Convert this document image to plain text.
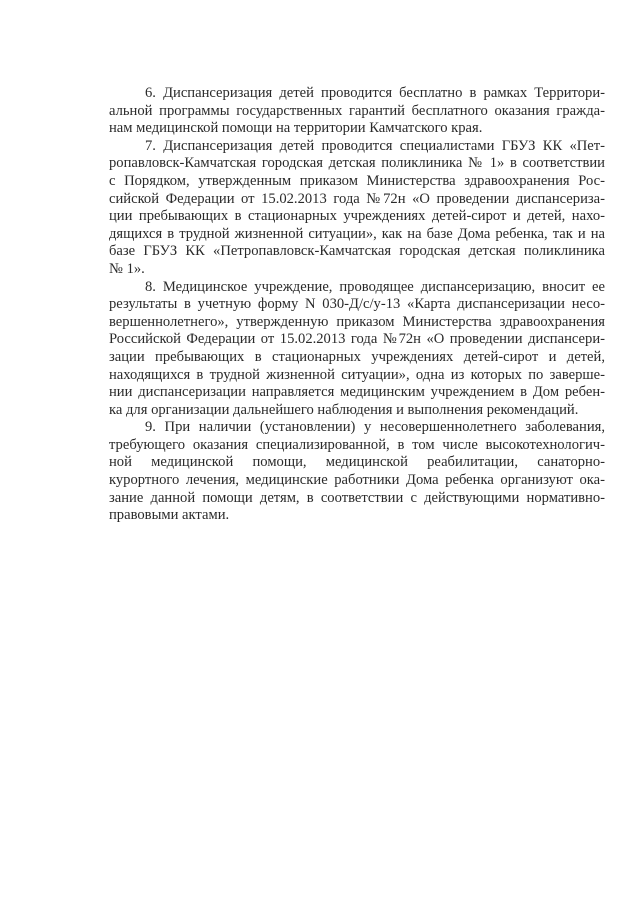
6. Диспансеризация детей проводится бесплатно в рамках Территори-
альной программы государственных гарантий бесплатного оказания гражда-
нам медицинской помощи на территории Камчатского края.
7. Диспансеризация детей проводится специалистами ГБУЗ КК «Пет-
ропавловск-Камчатская городская детская поликлиника № 1» в соответствии
с Порядком, утвержденным приказом Министерства здравоохранения Рос-
сийской Федерации от 15.02.2013 года №72н «О проведении диспансериза-
ции пребывающих в стационарных учреждениях детей-сирот и детей, нахо-
дящихся в трудной жизненной ситуации», как на базе Дома ребенка, так и на
базе ГБУЗ КК «Петропавловск-Камчатская городская детская поликлиника
№ 1».
8. Медицинское учреждение, проводящее диспансеризацию, вносит ее
результаты в учетную форму N 030-Д/с/у-13 «Карта диспансеризации несо-
вершеннолетнего», утвержденную приказом Министерства здравоохранения
Российской Федерации от 15.02.2013 года №72н «О проведении диспансери-
зации пребывающих в стационарных учреждениях детей-сирот и детей,
находящихся в трудной жизненной ситуации», одна из которых по заверше-
нии диспансеризации направляется медицинским учреждением в Дом ребен-
ка для организации дальнейшего наблюдения и выполнения рекомендаций.
9. При наличии (установлении) у несовершеннолетнего заболевания,
требующего оказания специализированной, в том числе высокотехнологич-
ной медицинской помощи, медицинской реабилитации, санаторно-
курортного лечения, медицинские работники Дома ребенка организуют ока-
зание данной помощи детям, в соответствии с действующими нормативно-
правовыми актами.
